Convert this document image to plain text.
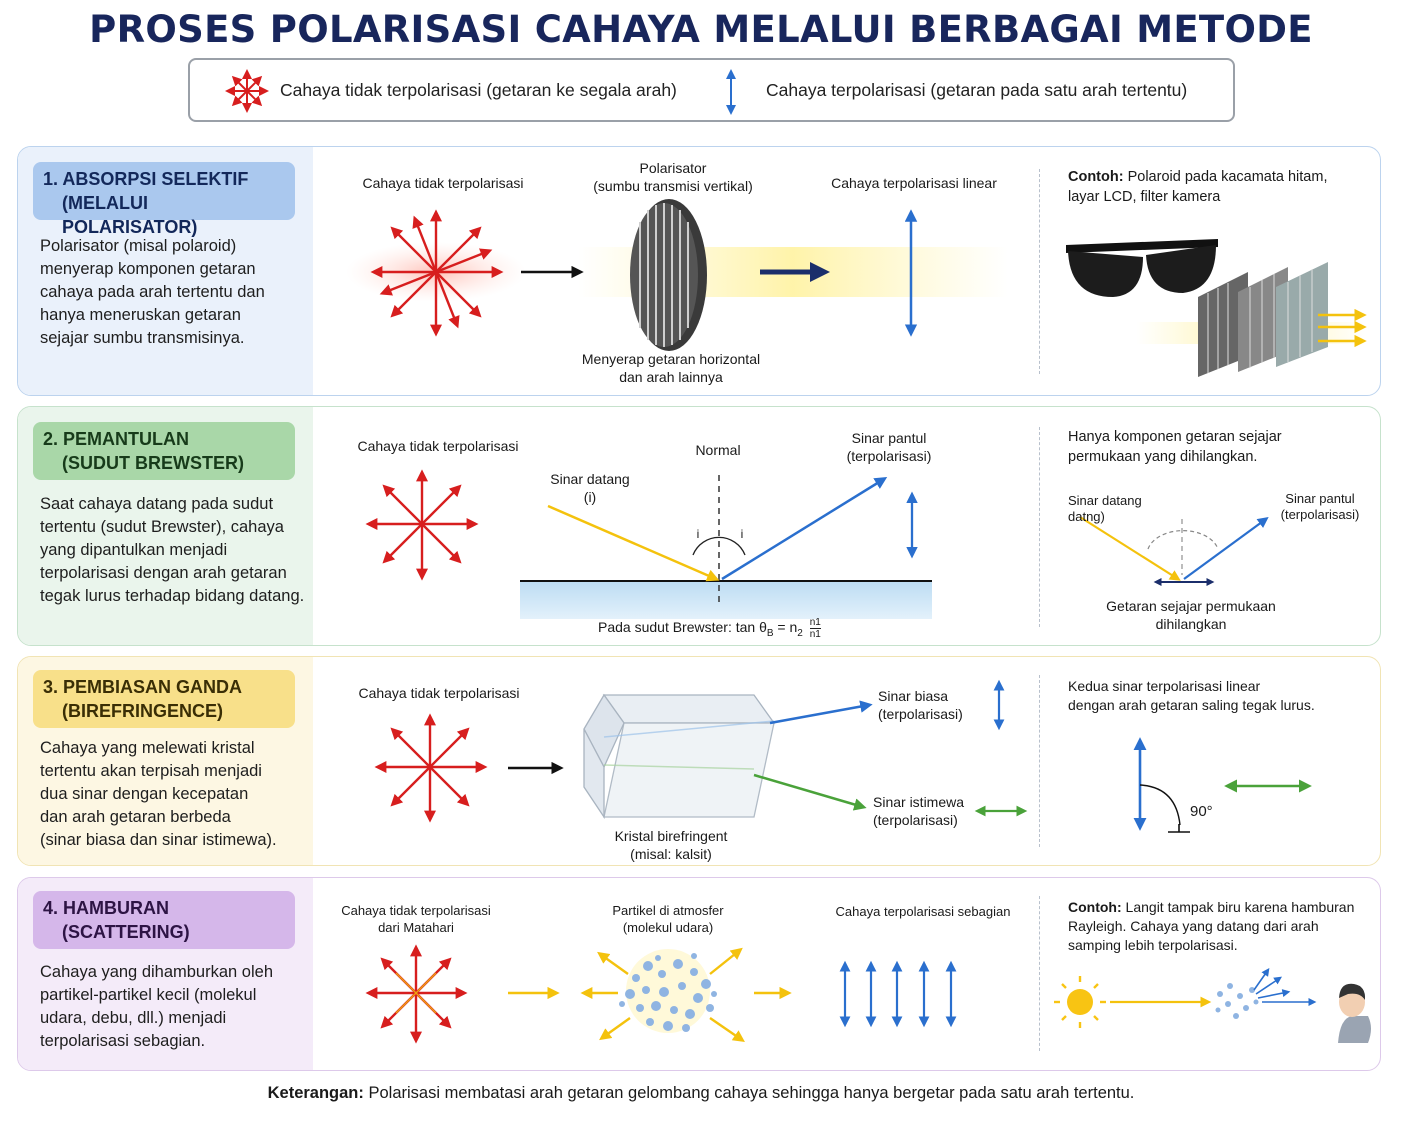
PROSES POLARISASI CAHAYA MELALUI BERBAGAI METODE
Cahaya tidak terpolarisasi (getaran ke segala arah)	Cahaya terpolarisasi (getaran pada satu arah tertentu)
1. ABSORPSI SELEKTIF
(MELALUI POLARISATOR)
Polarisator (misal polaroid)
menyerap komponen getaran
cahaya pada arah tertentu dan
hanya meneruskan getaran
sejajar sumbu transmisinya.
Cahaya tidak terpolarisasi
Polarisator
(sumbu transmisi vertikal)	Cahaya terpolarisasi linear
Menyerap getaran horizontal
dan arah lainnya
Contoh: Polaroid pada kacamata hitam,
layar LCD, filter kamera
2. PEMANTULAN
(SUDUT BREWSTER)
Saat cahaya datang pada sudut
tertentu (sudut Brewster), cahaya
yang dipantulkan menjadi
terpolarisasi dengan arah getaran
tegak lurus terhadap bidang datang.
Cahaya tidak terpolarisasi	Normal
Sinar datang
(i)
Sinar pantul
(terpolarisasi)
i	i
Pada sudut Brewster: $\tan \theta_B = n_2 \frac{n1}{n1}$
Hanya komponen getaran sejajar
permukaan yang dihilangkan.
Sinar datang
datng)
Sinar pantul
(terpolarisasi)
Getaran sejajar permukaan
dihilangkan
3. PEMBIASAN GANDA
(BIREFRINGENCE)
Cahaya yang melewati kristal
tertentu akan terpisah menjadi
dua sinar dengan kecepatan
dan arah getaran berbeda
(sinar biasa dan sinar istimewa).
Cahaya tidak terpolarisasi	Sinar biasa
(terpolarisasi)
Sinar istimewa
(terpolarisasi)
Kristal birefringent
(misal: kalsit)
Kedua sinar terpolarisasi linear
dengan arah getaran saling tegak lurus.
90°
4. HAMBURAN
(SCATTERING)
Cahaya yang dihamburkan oleh
partikel-partikel kecil (molekul
udara, debu, dll.) menjadi
terpolarisasi sebagian.
Cahaya tidak terpolarisasi
dari Matahari
Partikel di atmosfer
(molekul udara)
Cahaya terpolarisasi sebagian	Contoh: Langit tampak biru karena hamburan

Rayleigh. Cahaya yang datang dari arah
samping lebih terpolarisasi.
Keterangan: Polarisasi membatasi arah getaran gelombang cahaya sehingga hanya bergetar pada satu arah tertentu.
